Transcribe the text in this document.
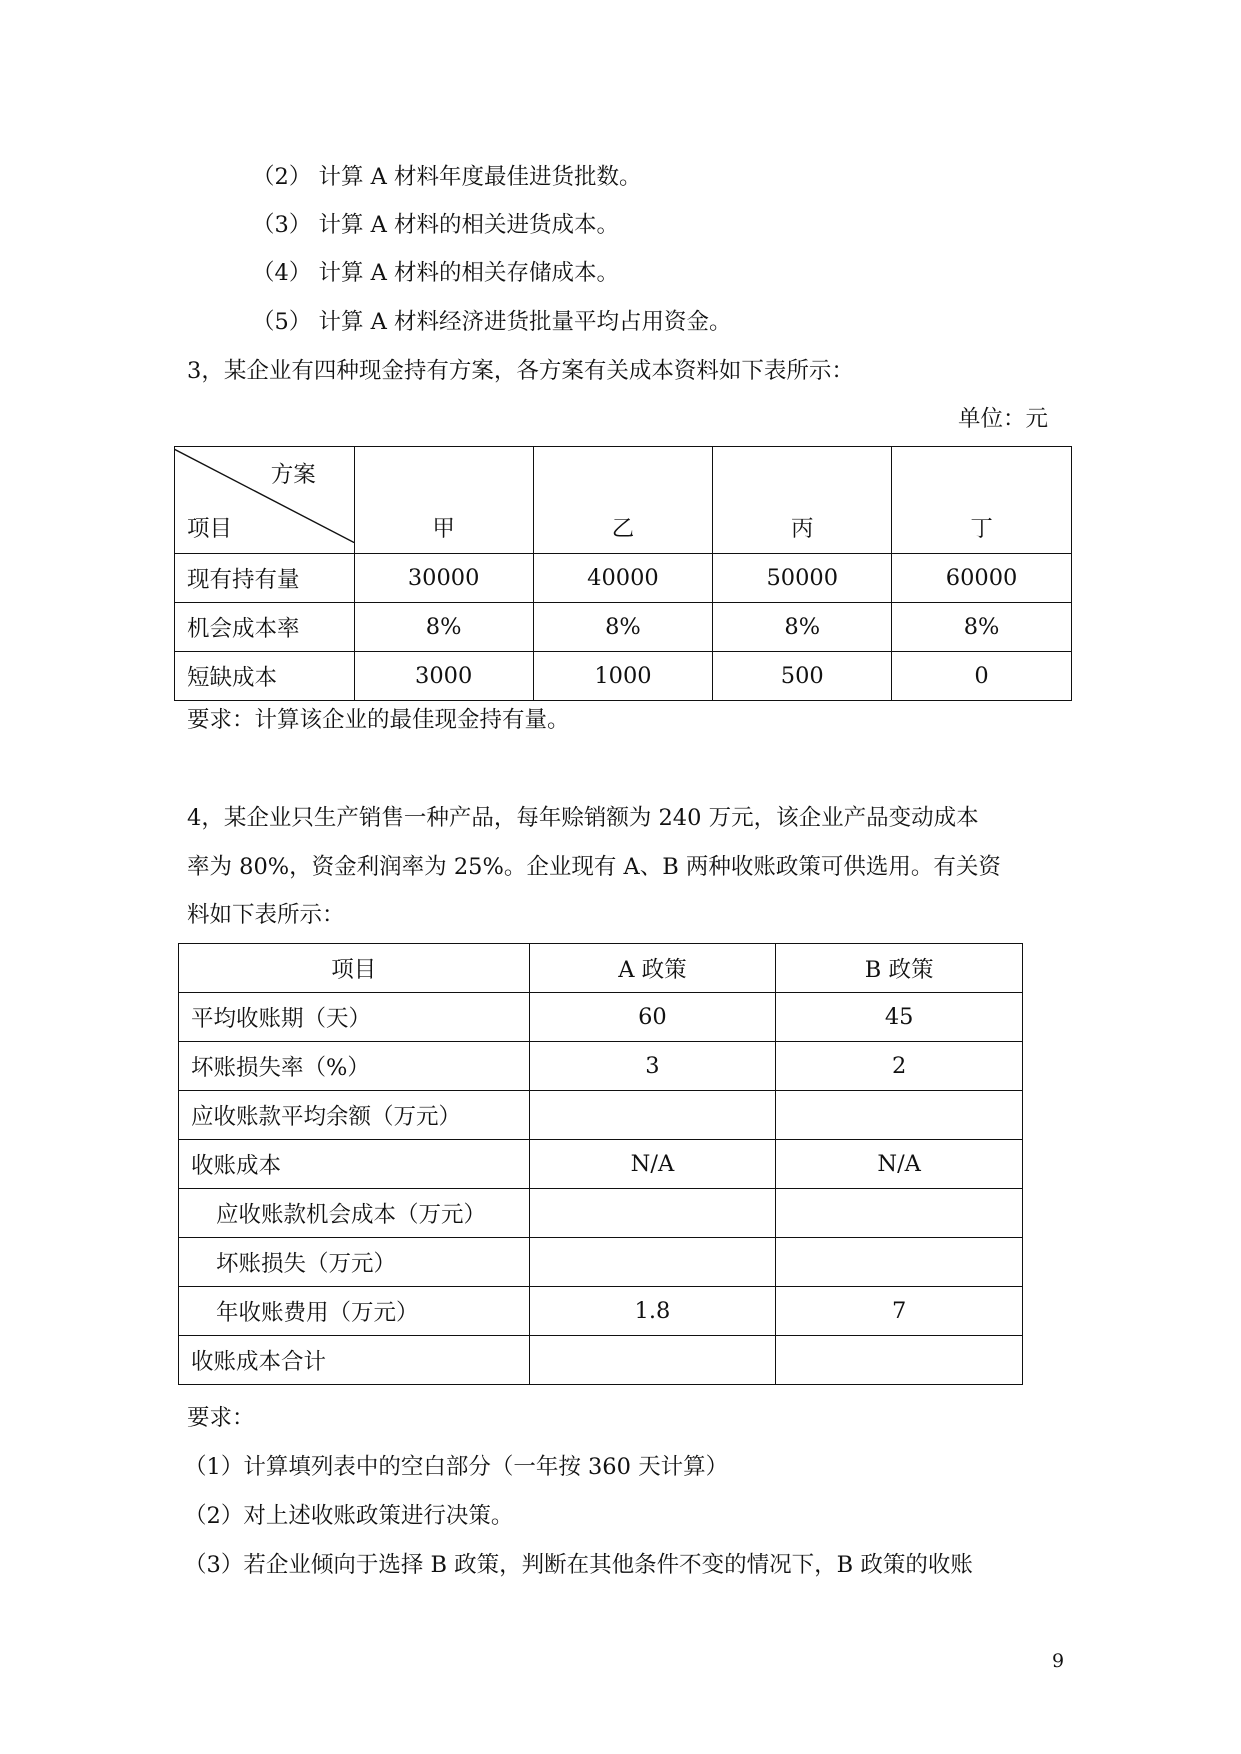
（2） 计算 A 材料年度最佳进货批数。
（3） 计算 A 材料的相关进货成本。
（4） 计算 A 材料的相关存储成本。
（5） 计算 A 材料经济进货批量平均占用资金。
3，某企业有四种现金持有方案，各方案有关成本资料如下表所示：
单位：元
方案
项目	甲	乙	丙	丁
现有持有量	30000	40000	50000	60000
机会成本率	8%	8%	8%	8%
短缺成本	3000	1000	500	0
要求：计算该企业的最佳现金持有量。
4，某企业只生产销售一种产品，每年赊销额为 240 万元，该企业产品变动成本
率为 80%，资金利润率为 25%。企业现有 A、B 两种收账政策可供选用。有关资
料如下表所示：
项目	A 政策	B 政策
平均收账期（天）	60	45
坏账损失率（%）	3	2
应收账款平均余额（万元）		
收账成本	N/A	N/A
应收账款机会成本（万元）		
坏账损失（万元）		
年收账费用（万元）	1.8	7
收账成本合计		
要求：
（1）计算填列表中的空白部分（一年按 360 天计算）
（2）对上述收账政策进行决策。
（3）若企业倾向于选择 B 政策，判断在其他条件不变的情况下，B 政策的收账
9
